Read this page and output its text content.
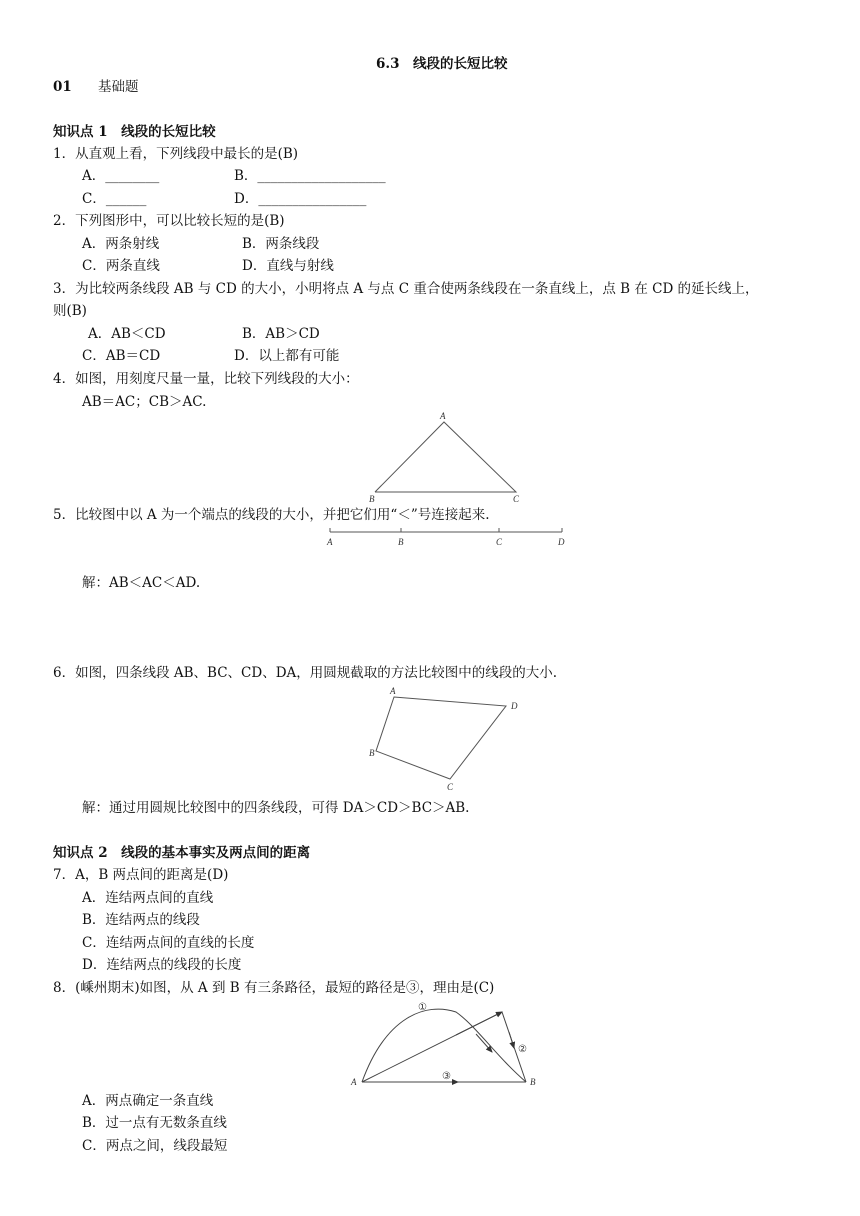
6.3　线段的长短比较
01 基础题
知识点 1　线段的长短比较
1．从直观上看，下列线段中最长的是(B)
A．________	B．___________________
C．______	D．________________
2．下列图形中，可以比较长短的是(B)
A．两条射线	B．两条线段
C．两条直线	D．直线与射线
3．为比较两条线段 AB 与 CD 的大小，小明将点 A 与点 C 重合使两条线段在一条直线上，点 B 在 CD 的延长线上，
则(B)
A．AB＜CD	B．AB＞CD
C．AB＝CD	D．以上都有可能
4．如图，用刻度尺量一量，比较下列线段的大小：
AB＝AC；CB＞AC.
A
B	C
5．比较图中以 A 为一个端点的线段的大小，并把它们用“＜”号连接起来.
A	B	C	D
解：AB＜AC＜AD.
6．如图，四条线段 AB、BC、CD、DA，用圆规截取的方法比较图中的线段的大小.
A
D
B
C
解：通过用圆规比较图中的四条线段，可得 DA＞CD＞BC＞AB.
知识点 2　线段的基本事实及两点间的距离
7．A，B 两点间的距离是(D)
A．连结两点间的直线
B．连结两点的线段
C．连结两点间的直线的长度
D．连结两点的线段的长度
8．(嵊州期末)如图，从 A 到 B 有三条路径，最短的路径是③，理由是(C)
A	B
①
②
③
A．两点确定一条直线
B．过一点有无数条直线
C．两点之间，线段最短
